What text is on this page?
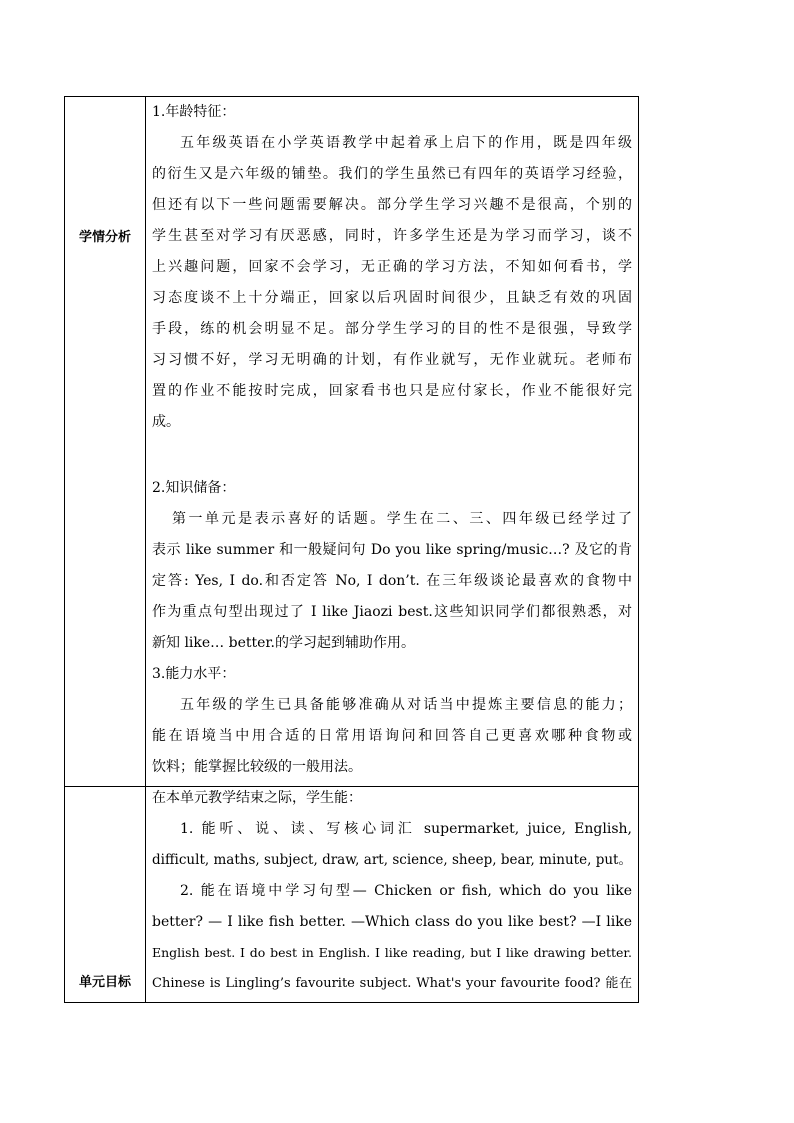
学情分析
1.年龄特征：
五年级英语在小学英语教学中起着承上启下的作用，既是四年级
的衍生又是六年级的铺垫。我们的学生虽然已有四年的英语学习经验，
但还有以下一些问题需要解决。部分学生学习兴趣不是很高，个别的
学生甚至对学习有厌恶感，同时，许多学生还是为学习而学习，谈不
上兴趣问题，回家不会学习，无正确的学习方法，不知如何看书，学
习态度谈不上十分端正，回家以后巩固时间很少，且缺乏有效的巩固
手段，练的机会明显不足。部分学生学习的目的性不是很强，导致学
习习惯不好，学习无明确的计划，有作业就写，无作业就玩。老师布
置的作业不能按时完成，回家看书也只是应付家长，作业不能很好完
成。
2.知识储备：
第一单元是表示喜好的话题。学生在二、三、四年级已经学过了
表示 like summer 和一般疑问句 Do you like spring/music…? 及它的肯
定答: Yes, I do.和否定答 No, I don’t. 在三年级谈论最喜欢的食物中
作为重点句型出现过了 I like Jiaozi best.这些知识同学们都很熟悉，对
新知 like… better.的学习起到辅助作用。
3.能力水平：
五年级的学生已具备能够准确从对话当中提炼主要信息的能力；
能在语境当中用合适的日常用语询问和回答自己更喜欢哪种食物或
饮料；能掌握比较级的一般用法。
单元目标
在本单元教学结束之际，学生能：
1. 能听、说、读、写核心词汇 supermarket, juice, English,
difficult, maths, subject, draw, art, science, sheep, bear, minute, put。
2. 能在语境中学习句型— Chicken or fish, which do you like
better? — I like fish better. —Which class do you like best? —I like
English best. I do best in English. I like reading, but I like drawing better.
Chinese is Lingling’s favourite subject. What's your favourite food? 能在
